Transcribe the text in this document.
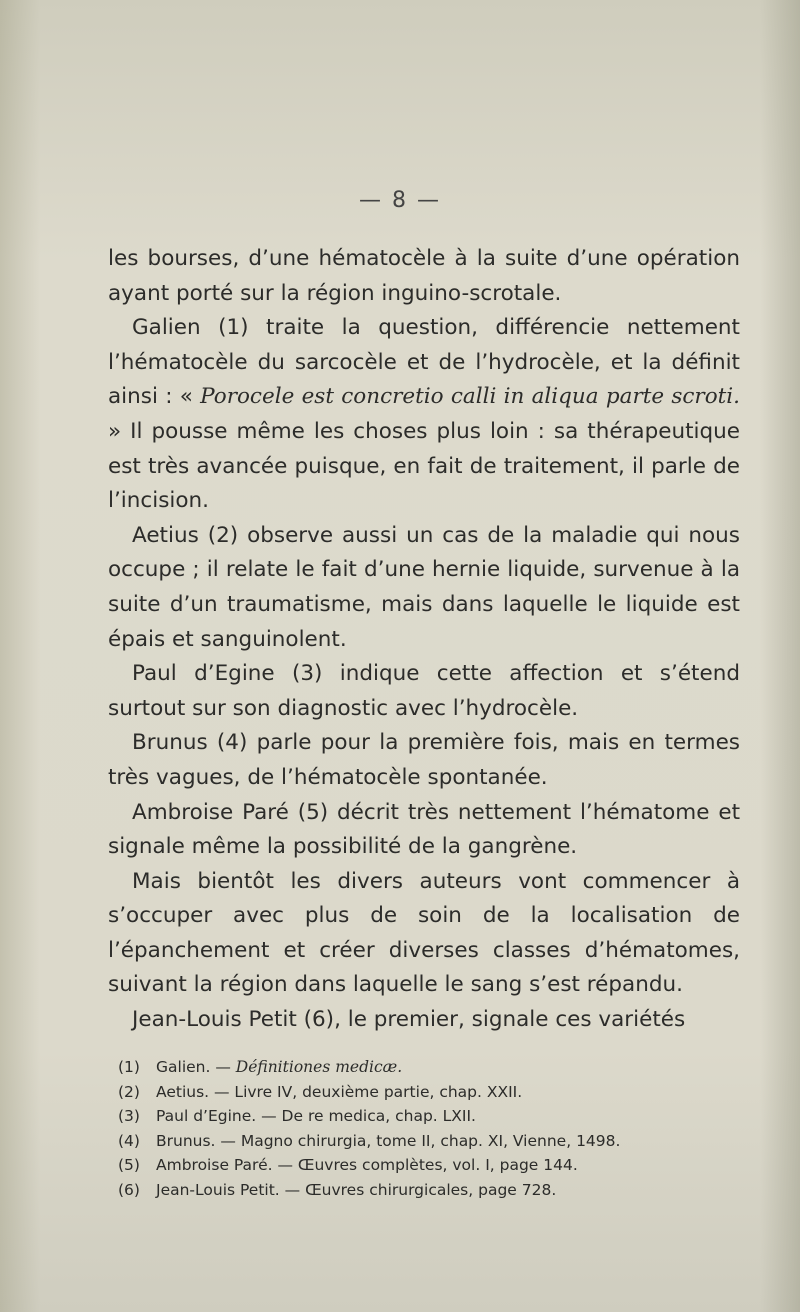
— 8 —

les bourses, d’une hématocèle à la suite d’une opération ayant porté sur la région inguino-scrotale.

Galien (1) traite la question, différencie nettement l’hématocèle du sarcocèle et de l’hydrocèle, et la définit ainsi : « Porocele est concretio calli in aliqua parte scroti. » Il pousse même les choses plus loin : sa thérapeutique est très avancée puisque, en fait de traitement, il parle de l’incision.

Aetius (2) observe aussi un cas de la maladie qui nous occupe ; il relate le fait d’une hernie liquide, survenue à la suite d’un traumatisme, mais dans laquelle le liquide est épais et sanguinolent.

Paul d’Egine (3) indique cette affection et s’étend surtout sur son diagnostic avec l’hydrocèle.

Brunus (4) parle pour la première fois, mais en termes très vagues, de l’hématocèle spontanée.

Ambroise Paré (5) décrit très nettement l’hématome et signale même la possibilité de la gangrène.

Mais bientôt les divers auteurs vont commencer à s’occuper avec plus de soin de la localisation de l’épanchement et créer diverses classes d’hématomes, suivant la région dans laquelle le sang s’est répandu.

Jean-Louis Petit (6), le premier, signale ces variétés

(1) Galien. — Définitiones medicæ.
(2) Aetius. — Livre IV, deuxième partie, chap. XXII.
(3) Paul d’Egine. — De re medica, chap. LXII.
(4) Brunus. — Magno chirurgia, tome II, chap. XI, Vienne, 1498.
(5) Ambroise Paré. — Œuvres complètes, vol. I, page 144.
(6) Jean-Louis Petit. — Œuvres chirurgicales, page 728.
